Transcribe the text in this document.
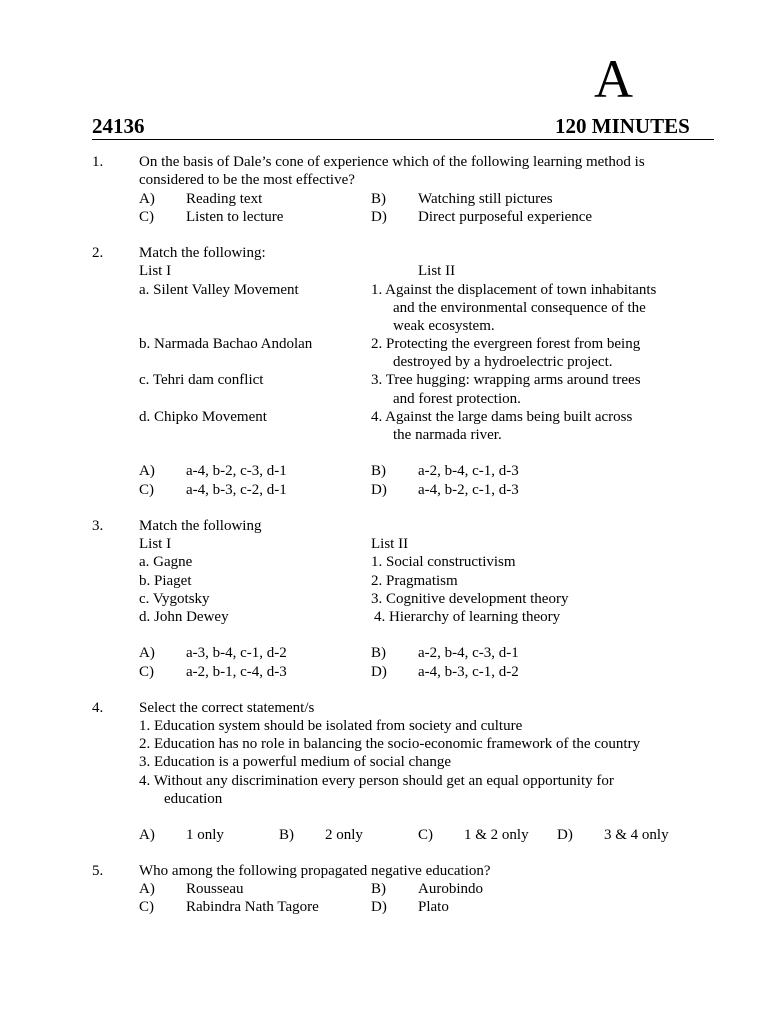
A
24136	120 MINUTES
1. On the basis of Dale’s cone of experience which of the following learning method is
considered to be the most effective?
A) Reading text	B) Watching still pictures
C) Listen to lecture	D) Direct purposeful experience
2. Match the following:
List I	List II
a. Silent Valley Movement	1. Against the displacement of town inhabitants
and the environmental consequence of the
weak ecosystem.
b. Narmada Bachao Andolan	2. Protecting the evergreen forest from being
destroyed by a hydroelectric project.
c. Tehri dam conflict	3. Tree hugging: wrapping arms around trees
and forest protection.
d. Chipko Movement	4. Against the large dams being built across
the narmada river.
A) a-4, b-2, c-3, d-1	B) a-2, b-4, c-1, d-3
C) a-4, b-3, c-2, d-1	D) a-4, b-2, c-1, d-3
3. Match the following
List I	List II
a. Gagne	1. Social constructivism
b. Piaget	2. Pragmatism
c. Vygotsky	3. Cognitive development theory
d. John Dewey	4. Hierarchy of learning theory
A) a-3, b-4, c-1, d-2	B) a-2, b-4, c-3, d-1
C) a-2, b-1, c-4, d-3	D) a-4, b-3, c-1, d-2
4. Select the correct statement/s
1. Education system should be isolated from society and culture
2. Education has no role in balancing the socio-economic framework of the country
3. Education is a powerful medium of social change
4. Without any discrimination every person should get an equal opportunity for
education
A) 1 only	B) 2 only	C) 1 & 2 only D) 3 & 4 only
5. Who among the following propagated negative education?
A) Rousseau	B) Aurobindo
C) Rabindra Nath Tagore	D) Plato
